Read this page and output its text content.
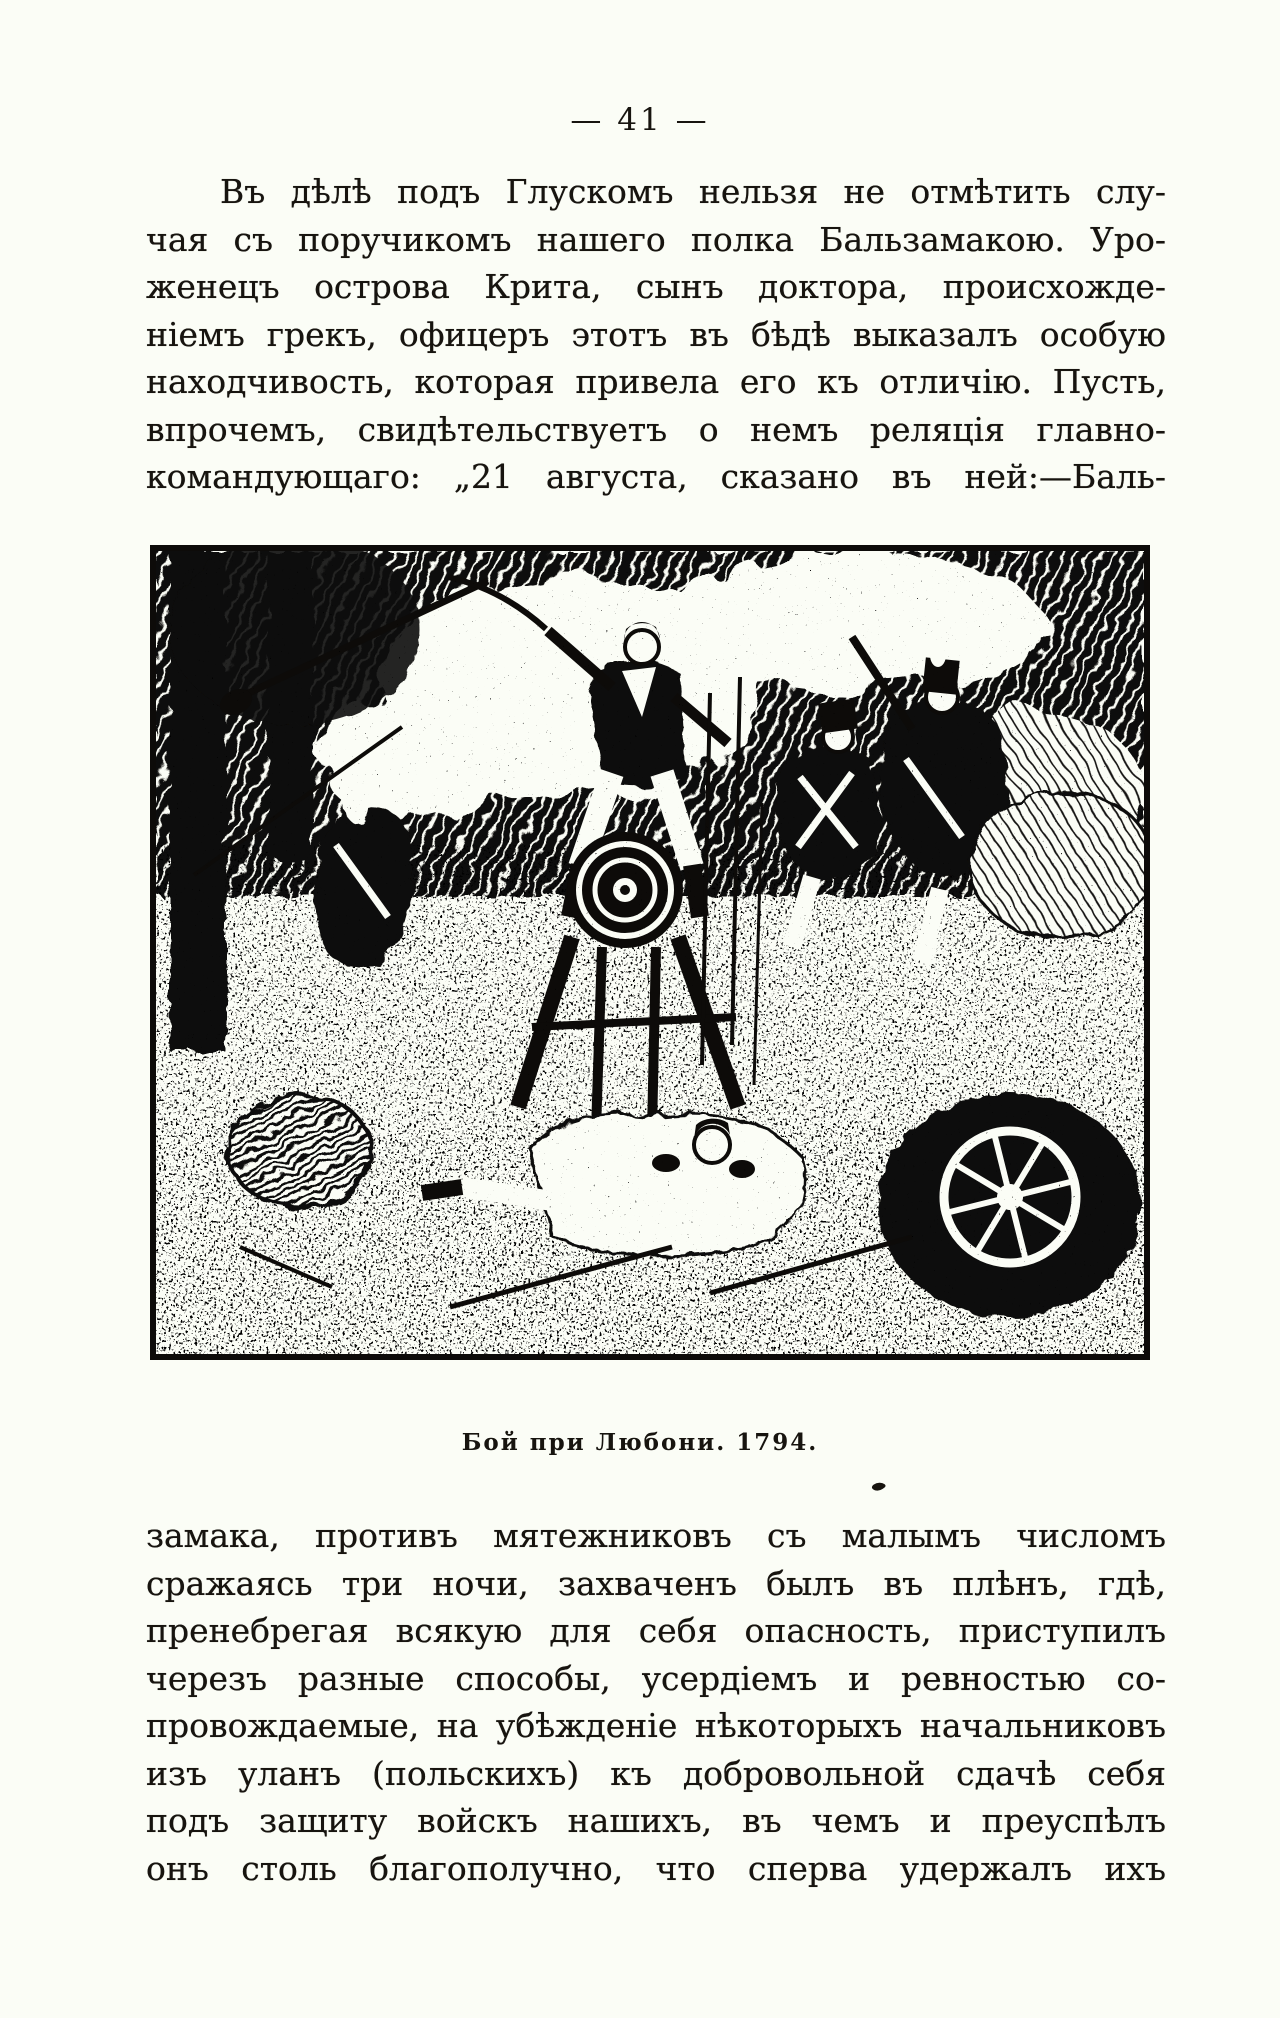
— 41 —
Въ дѣлѣ подъ Глускомъ нельзя не отмѣтить слу-
чая съ поручикомъ нашего полка Бальзамакою. Уро-
женецъ острова Крита, сынъ доктора, происхожде-
ніемъ грекъ, офицеръ этотъ въ бѣдѣ выказалъ особую
находчивость, которая привела его къ отличію. Пусть,
впрочемъ, свидѣтельствуетъ о немъ реляція главно-
командующаго: „21 августа, сказано въ ней:—Баль-
Бой при Любони. 1794.
замака, противъ мятежниковъ съ малымъ числомъ
сражаясь три ночи, захваченъ былъ въ плѣнъ, гдѣ,
пренебрегая всякую для себя опасность, приступилъ
черезъ разные способы, усердіемъ и ревностью со-
провождаемые, на убѣжденіе нѣкоторыхъ начальниковъ
изъ уланъ (польскихъ) къ добровольной сдачѣ себя
подъ защиту войскъ нашихъ, въ чемъ и преуспѣлъ
онъ столь благополучно, что сперва удержалъ ихъ
